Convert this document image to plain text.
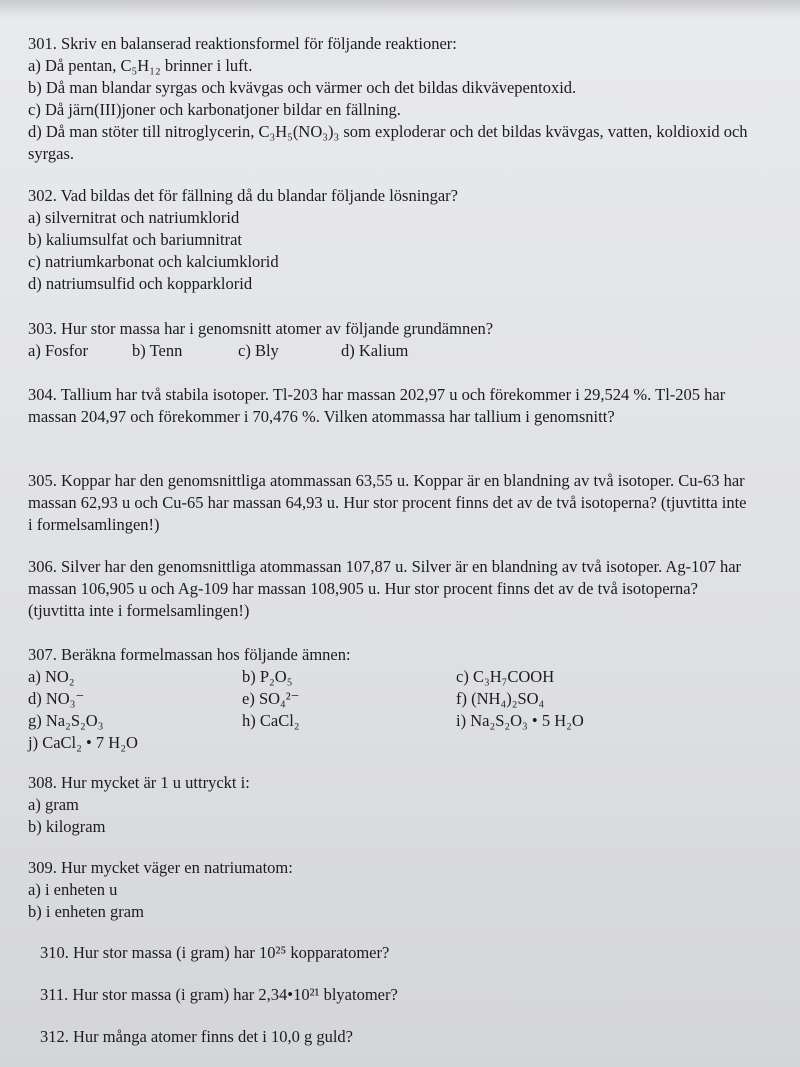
301. Skriv en balanserad reaktionsformel för följande reaktioner:
a) Då pentan, C₅H₁₂ brinner i luft.
b) Då man blandar syrgas och kvävgas och värmer och det bildas dikvävepentoxid.
c) Då järn(III)joner och karbonatjoner bildar en fällning.
d) Då man stöter till nitroglycerin, C₃H₅(NO₃)₃ som exploderar och det bildas kvävgas, vatten, koldioxid och syrgas.
302. Vad bildas det för fällning då du blandar följande lösningar?
a) silvernitrat och natriumklorid
b) kaliumsulfat och bariumnitrat
c) natriumkarbonat och kalciumklorid
d) natriumsulfid och kopparklorid
303. Hur stor massa har i genomsnitt atomer av följande grundämnen?
a) Fosfor	b) Tenn	c) Bly	d) Kalium
304. Tallium har två stabila isotoper. Tl-203 har massan 202,97 u och förekommer i 29,524 %. Tl-205 har massan 204,97 och förekommer i 70,476 %. Vilken atommassa har tallium i genomsnitt?
305. Koppar har den genomsnittliga atommassan 63,55 u. Koppar är en blandning av två isotoper. Cu-63 har massan 62,93 u och Cu-65 har massan 64,93 u. Hur stor procent finns det av de två isotoperna? (tjuvtitta inte i formelsamlingen!)
306. Silver har den genomsnittliga atommassan 107,87 u. Silver är en blandning av två isotoper. Ag-107 har massan 106,905 u och Ag-109 har massan 108,905 u. Hur stor procent finns det av de två isotoperna? (tjuvtitta inte i formelsamlingen!)
307. Beräkna formelmassan hos följande ämnen:
a) NO₂	b) P₂O₅	c) C₃H₇COOH
d) NO₃⁻	e) SO₄²⁻	f) (NH₄)₂SO₄
g) Na₂S₂O₃	h) CaCl₂	i) Na₂S₂O₃ • 5 H₂O
j) CaCl₂ • 7 H₂O
308. Hur mycket är 1 u uttryckt i:
a) gram
b) kilogram
309. Hur mycket väger en natriumatom:
a) i enheten u
b) i enheten gram
310. Hur stor massa (i gram) har 10²⁵ kopparatomer?
311. Hur stor massa (i gram) har 2,34•10²¹ blyatomer?
312. Hur många atomer finns det i 10,0 g guld?
